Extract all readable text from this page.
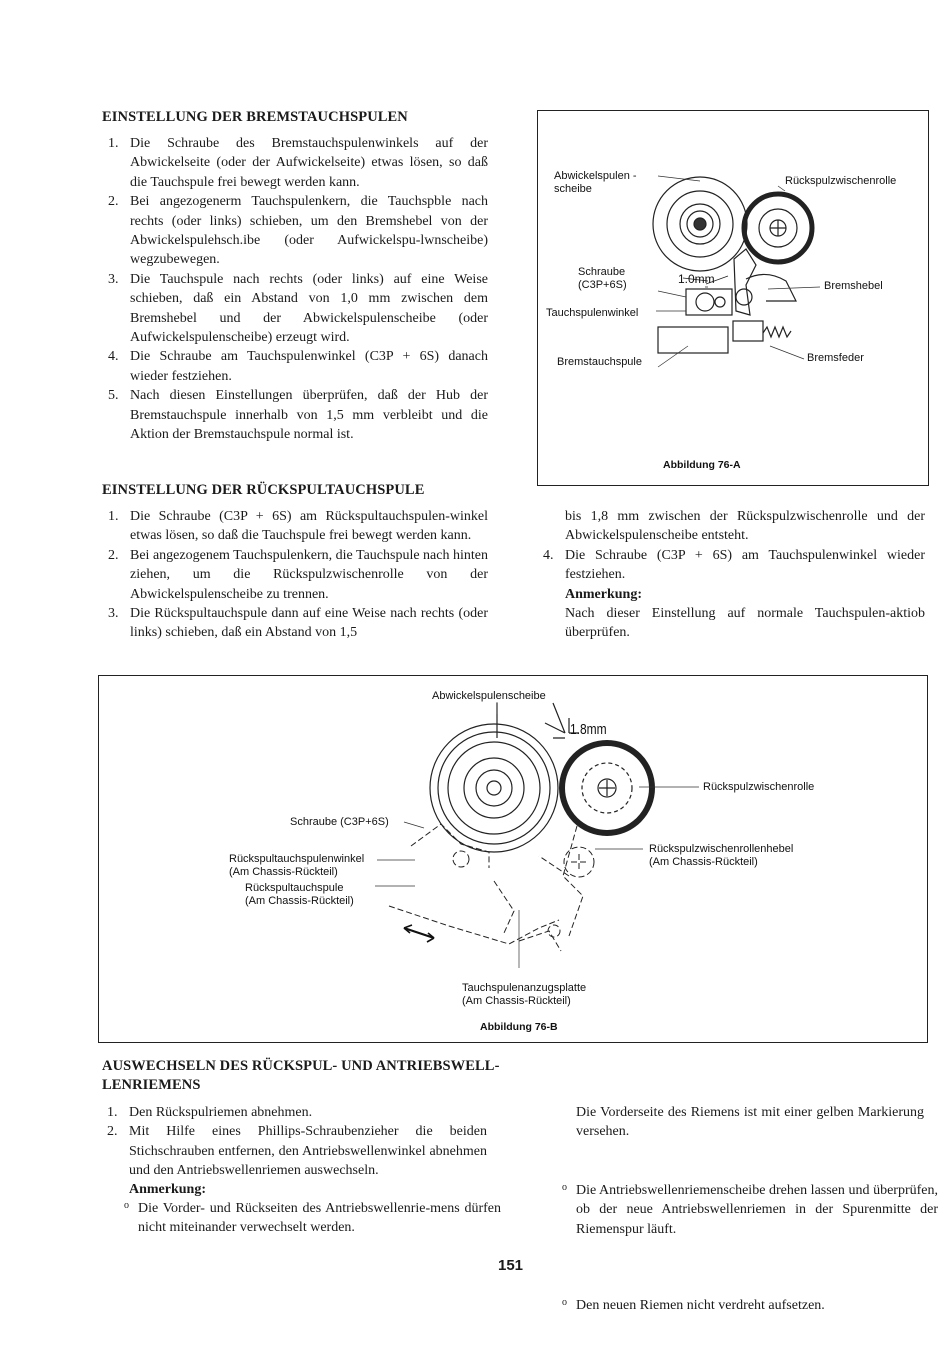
EINSTELLUNG DER BREMSTAUCHSPULEN
1. Die Schraube des Bremstauchspulenwinkels auf der Abwickelseite (oder der Aufwickelseite) etwas lösen, so daß die Tauchspule frei bewegt werden kann.
2. Bei angezogenerm Tauchspulenkern, die Tauchspble nach rechts (oder links) schieben, um den Bremshebel von der Abwickelspulehsch.ibe (oder Aufwickelspu-lwnscheibe) wegzubewegen.
3. Die Tauchspule nach rechts (oder links) auf eine Weise schieben, daß ein Abstand von 1,0 mm zwischen dem Bremshebel und der Abwickelspulenscheibe (oder Aufwickelspulenscheibe) erzeugt wird.
4. Die Schraube am Tauchspulenwinkel (C3P + 6S) danach wieder festziehen.
5. Nach diesen Einstellungen überprüfen, daß der Hub der Bremstauchspule innerhalb von 1,5 mm verbleibt und die Aktion der Bremstauchspule normal ist.
Abwickelspulen -
scheibe
Rückspulzwischenrolle
Schraube
(C3P+6S)	1.0mm	Bremshebel
Tauchspulenwinkel
Bremstauchspule	Bremsfeder
Abbildung 76-A
EINSTELLUNG DER RÜCKSPULTAUCHSPULE
1. Die Schraube (C3P + 6S) am Rückspultauchspulen-winkel etwas lösen, so daß die Tauchspule frei bewegt werden kann.
2. Bei angezogenem Tauchspulenkern, die Tauchspule nach hinten ziehen, um die Rückspulzwischenrolle von der Abwickelspulenscheibe zu trennen.
3. Die Rückspultauchspule dann auf eine Weise nach rechts (oder links) schieben, daß ein Abstand von 1,5
bis 1,8 mm zwischen der Rückspulzwischenrolle und der Abwickelspulenscheibe entsteht.
4. Die Schraube (C3P + 6S) am Tauchspulenwinkel wieder festziehen.
Anmerkung:
Nach dieser Einstellung auf normale Tauchspulen-aktiob überprüfen.
Abwickelspulenscheibe
1.8mm
Rückspulzwischenrolle
Schraube (C3P+6S)
Rückspultauchspulenwinkel
(Am Chassis-Rückteil)
Rückspulzwischenrollenhebel
(Am Chassis-Rückteil)
Rückspultauchspule
(Am Chassis-Rückteil)
Tauchspulenanzugsplatte
(Am Chassis-Rückteil)
Abbildung 76-B
AUSWECHSELN DES RÜCKSPUL- UND ANTRIEBSWELL-
LENRIEMENS
1. Den Rückspulriemen abnehmen.
2. Mit Hilfe eines Phillips-Schraubenzieher die beiden Stichschrauben entfernen, den Antriebswellenwinkel abnehmen und den Antriebswellenriemen auswechseln.
Anmerkung:
o Die Vorder- und Rückseiten des Antriebswellenrie-mens dürfen nicht miteinander verwechselt werden.
Die Vorderseite des Riemens ist mit einer gelben Markierung versehen.
o Die Antriebswellenriemenscheibe drehen lassen und überprüfen, ob der neue Antriebswellenriemen in der Spurenmitte der Riemenspur läuft.
o Den neuen Riemen nicht verdreht aufsetzen.
151
